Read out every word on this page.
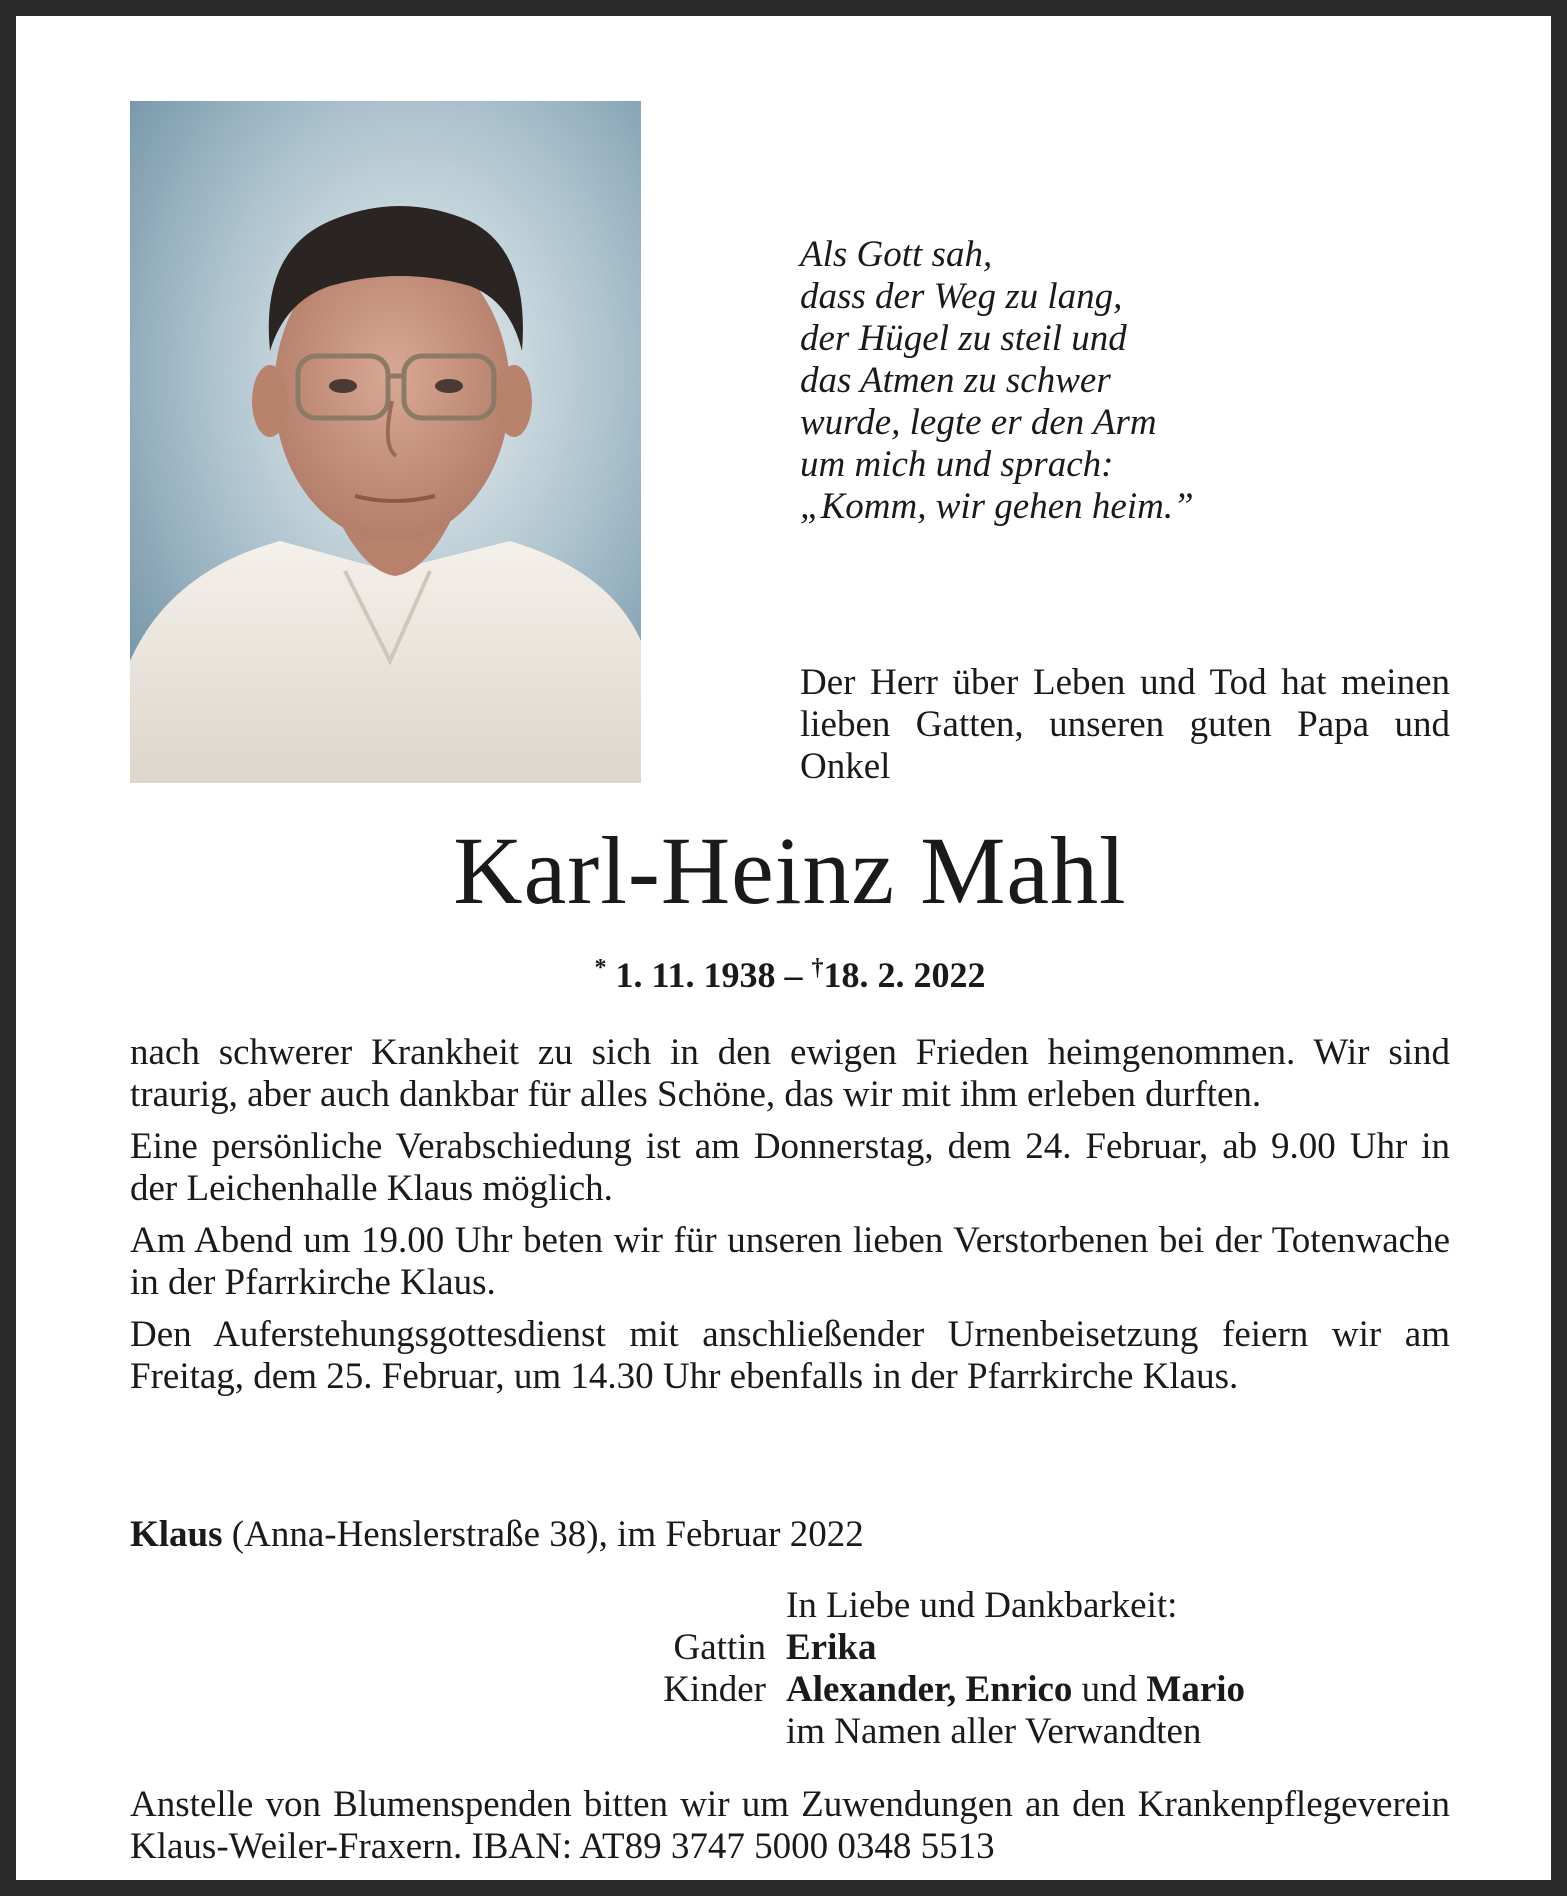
Als Gott sah,
dass der Weg zu lang,
der Hügel zu steil und
das Atmen zu schwer
wurde, legte er den Arm
um mich und sprach:
„Komm, wir gehen heim.”
Der Herr über Leben und Tod hat meinen lieben Gatten, unseren guten Papa und Onkel
Karl-Heinz Mahl
* 1. 11. 1938 – †18. 2. 2022

nach schwerer Krankheit zu sich in den ewigen Frieden heimgenommen. Wir sind traurig, aber auch dankbar für alles Schöne, das wir mit ihm erleben durften.

Eine persönliche Verabschiedung ist am Donnerstag, dem 24. Februar, ab 9.00 Uhr in der Leichenhalle Klaus möglich.

Am Abend um 19.00 Uhr beten wir für unseren lieben Verstorbenen bei der Totenwache in der Pfarrkirche Klaus.

Den Auferstehungsgottesdienst mit anschließender Urnenbeisetzung feiern wir am Freitag, dem 25. Februar, um 14.30 Uhr ebenfalls in der Pfarrkirche Klaus.

Klaus (Anna-Henslerstraße 38), im Februar 2022
In Liebe und Dankbarkeit:
Gattin Erika
Kinder Alexander, Enrico und Mario
im Namen aller Verwandten
Anstelle von Blumenspenden bitten wir um Zuwendungen an den Krankenpflegeverein Klaus-Weiler-Fraxern. IBAN: AT89 3747 5000 0348 5513
